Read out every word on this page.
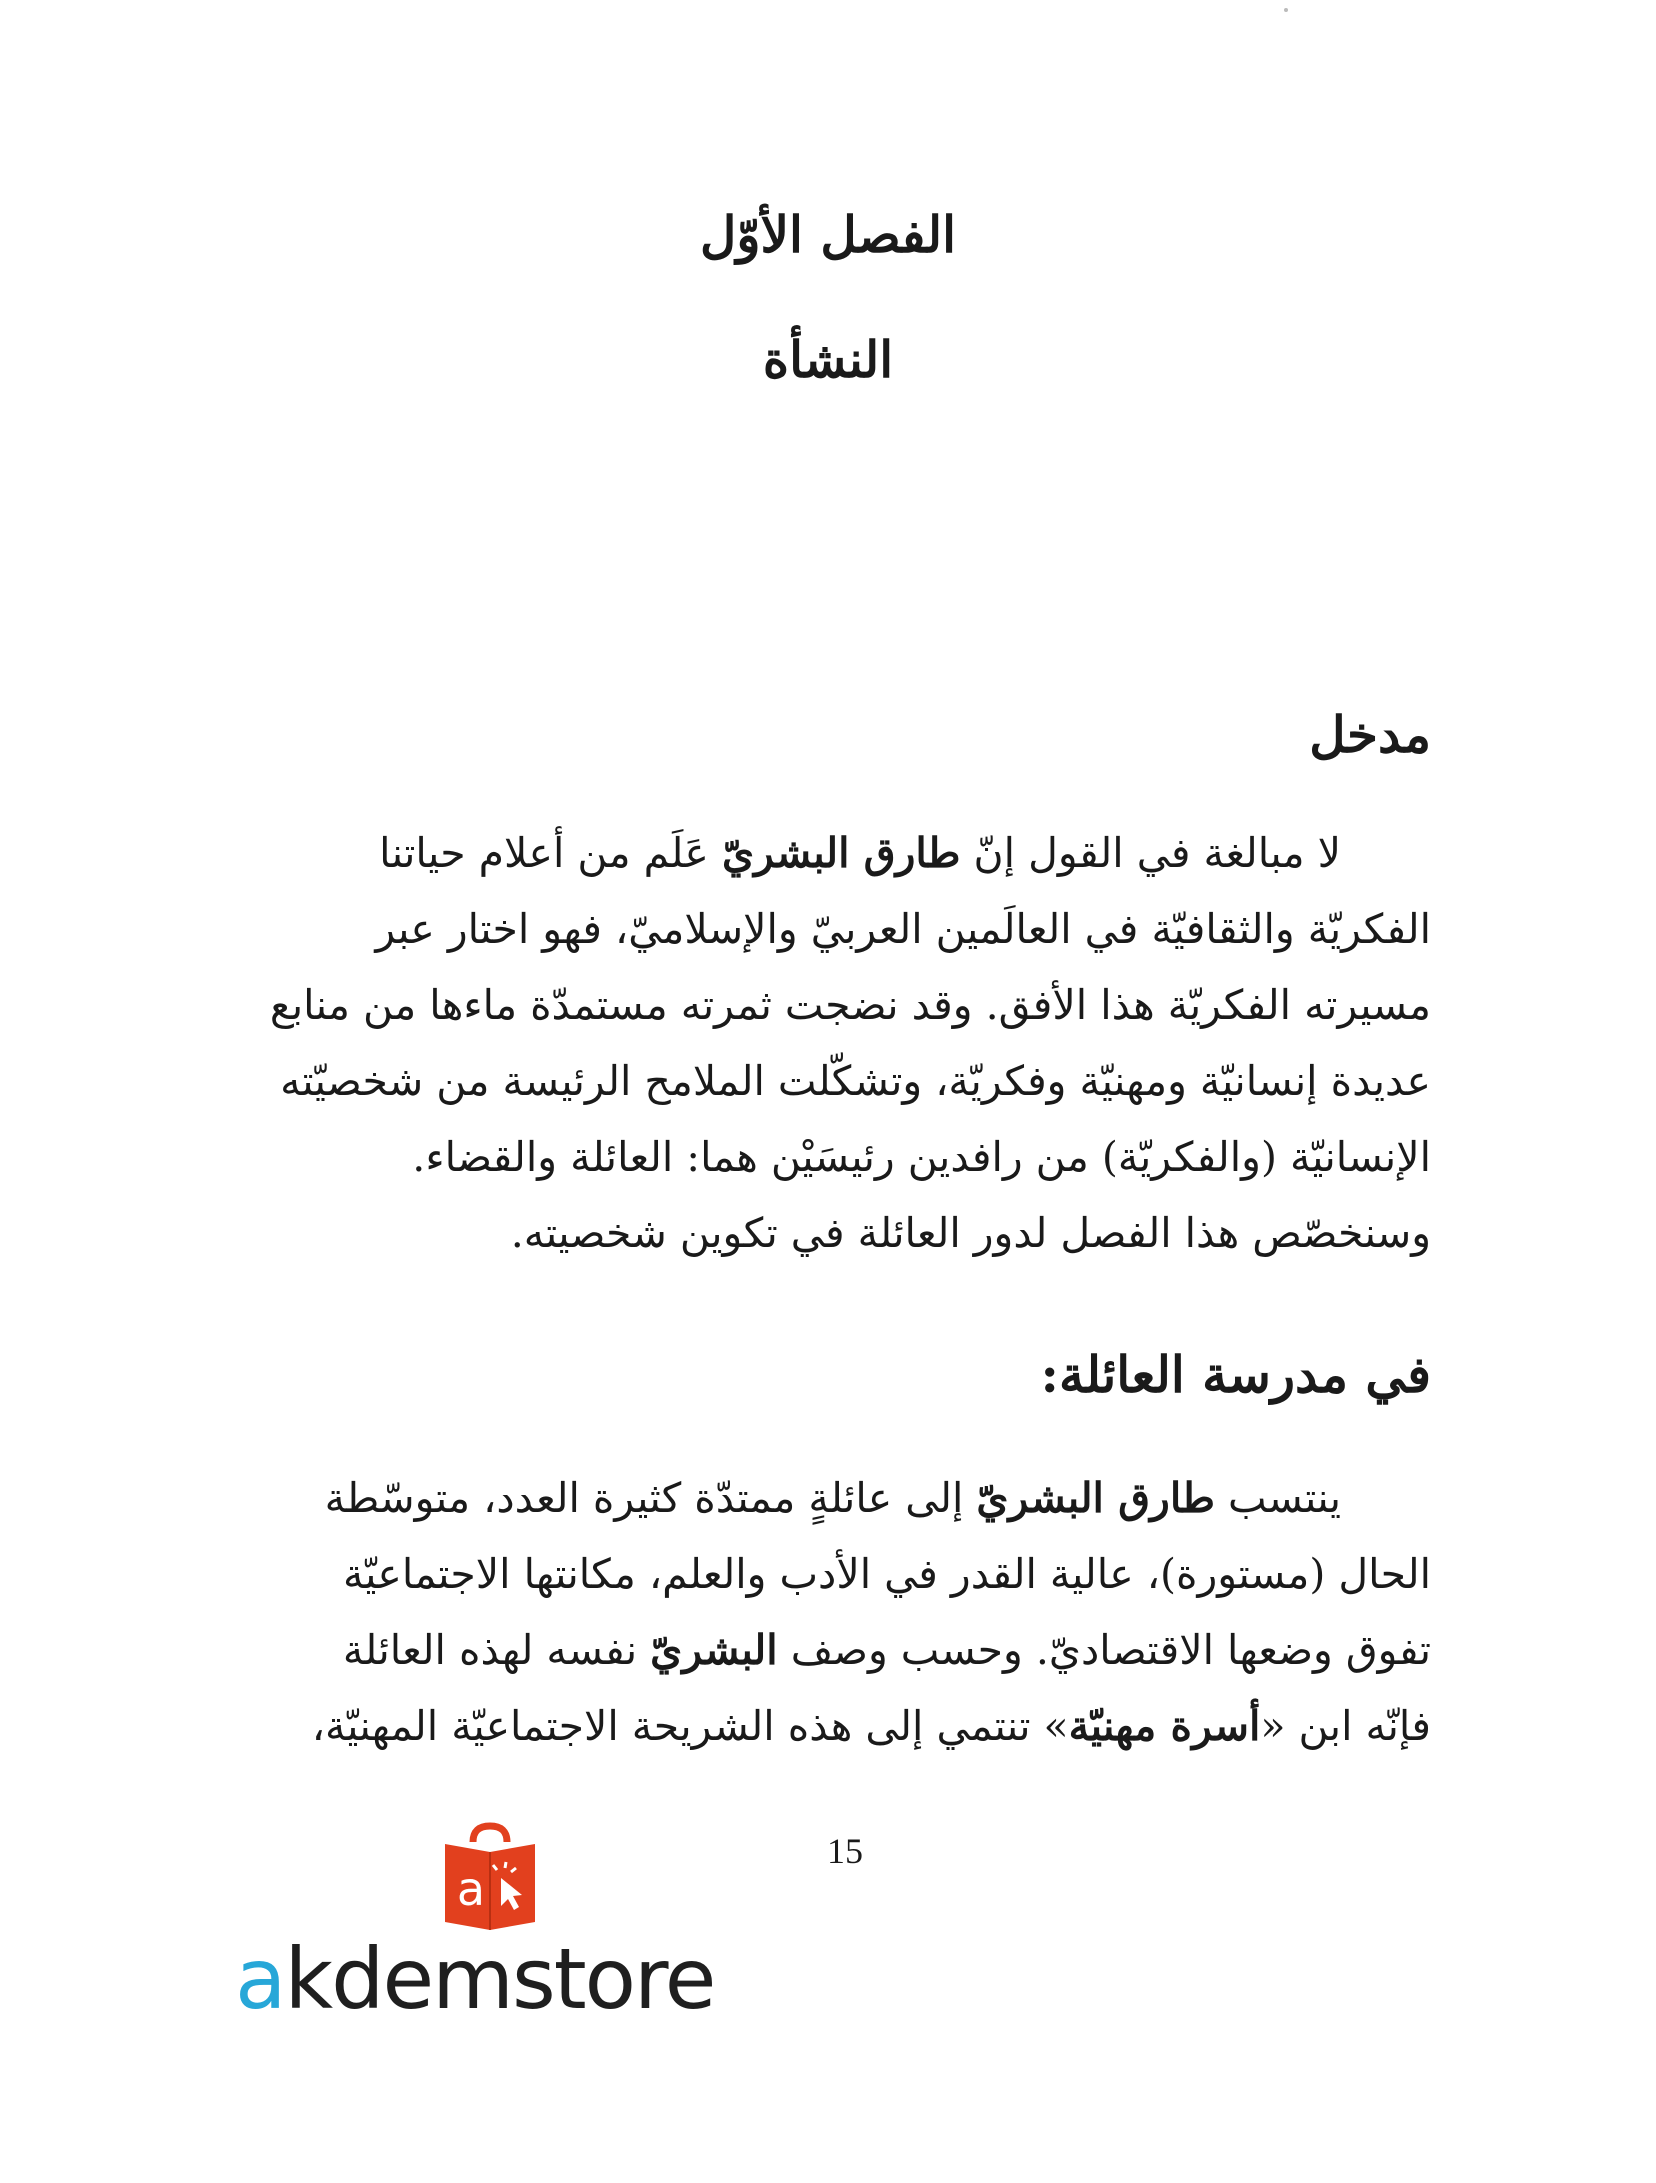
الفصل الأوّل
النشأة
مدخل
لا مبالغة في القول إنّ طارق البشريّ عَلَم من أعلام حياتنا
الفكريّة والثقافيّة في العالَمين العربيّ والإسلاميّ، فهو اختار عبر
مسيرته الفكريّة هذا الأفق. وقد نضجت ثمرته مستمدّة ماءها من منابع
عديدة إنسانيّة ومهنيّة وفكريّة، وتشكّلت الملامح الرئيسة من شخصيّته
الإنسانيّة (والفكريّة) من رافدين رئيسَيْن هما: العائلة والقضاء.
وسنخصّص هذا الفصل لدور العائلة في تكوين شخصيته.
في مدرسة العائلة:
ينتسب طارق البشريّ إلى عائلةٍ ممتدّة كثيرة العدد، متوسّطة
الحال (مستورة)، عالية القدر في الأدب والعلم، مكانتها الاجتماعيّة
تفوق وضعها الاقتصاديّ. وحسب وصف البشريّ نفسه لهذه العائلة
فإنّه ابن «أسرة مهنيّة» تنتمي إلى هذه الشريحة الاجتماعيّة المهنيّة،
15
a
akdemstore
